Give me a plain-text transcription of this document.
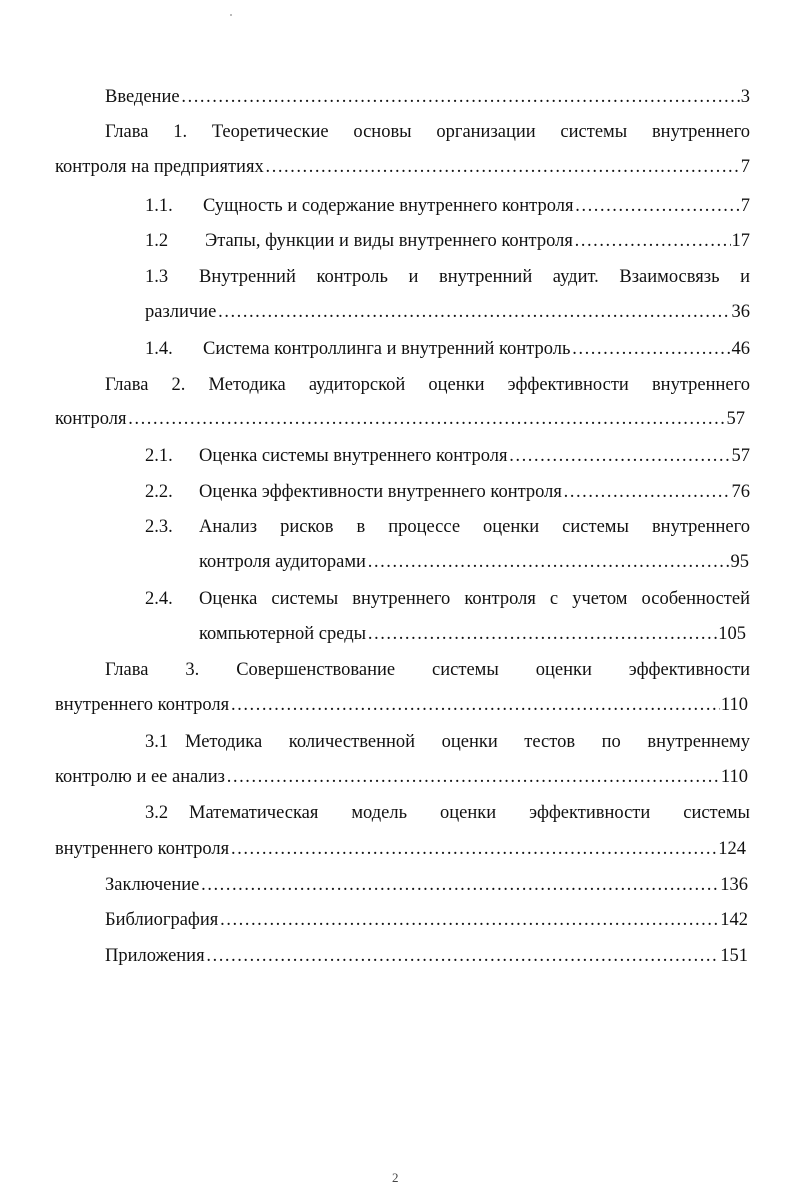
Введение …………………………………………………………………………………………………………………………………………………………………………………………………………………………………………	3
Глава 1. Теоретические основы организации системы внутреннего
контроля на предприятиях …………………………………………………………………………………………………………………………………………………………………………………………………………………………………………	7
1.1.	Сущность и содержание внутреннего контроля …………………………………………………………………………………………………………………………………………………………………………………………………………………………………………	7
1.2	Этапы, функции и виды внутреннего контроля …………………………………………………………………………………………………………………………………………………………………………………………………………………………………………	17
1.3	Внутренний контроль и внутренний аудит. Взаимосвязь и
различие …………………………………………………………………………………………………………………………………………………………………………………………………………………………………………	36
1.4.	Система контроллинга и внутренний контроль …………………………………………………………………………………………………………………………………………………………………………………………………………………………………………	46
Глава 2. Методика аудиторской оценки эффективности внутреннего
контроля …………………………………………………………………………………………………………………………………………………………………………………………………………………………………………	57
2.1.	Оценка системы внутреннего контроля …………………………………………………………………………………………………………………………………………………………………………………………………………………………………………	57
2.2.	Оценка эффективности внутреннего контроля …………………………………………………………………………………………………………………………………………………………………………………………………………………………………………	76
2.3.	Анализ рисков в процессе оценки системы внутреннего
контроля аудиторами …………………………………………………………………………………………………………………………………………………………………………………………………………………………………………	95
2.4.	Оценка системы внутреннего контроля с учетом особенностей
компьютерной среды …………………………………………………………………………………………………………………………………………………………………………………………………………………………………………	105
Глава 3. Совершенствование системы оценки эффективности
внутреннего контроля …………………………………………………………………………………………………………………………………………………………………………………………………………………………………………	110
3.1 Методика количественной оценки тестов по внутреннему
контролю и ее анализ …………………………………………………………………………………………………………………………………………………………………………………………………………………………………………	110
3.2	Математическая модель оценки эффективности системы
внутреннего контроля …………………………………………………………………………………………………………………………………………………………………………………………………………………………………………	124
Заключение …………………………………………………………………………………………………………………………………………………………………………………………………………………………………………	136
Библиография …………………………………………………………………………………………………………………………………………………………………………………………………………………………………………	142
Приложения …………………………………………………………………………………………………………………………………………………………………………………………………………………………………………	151
2
